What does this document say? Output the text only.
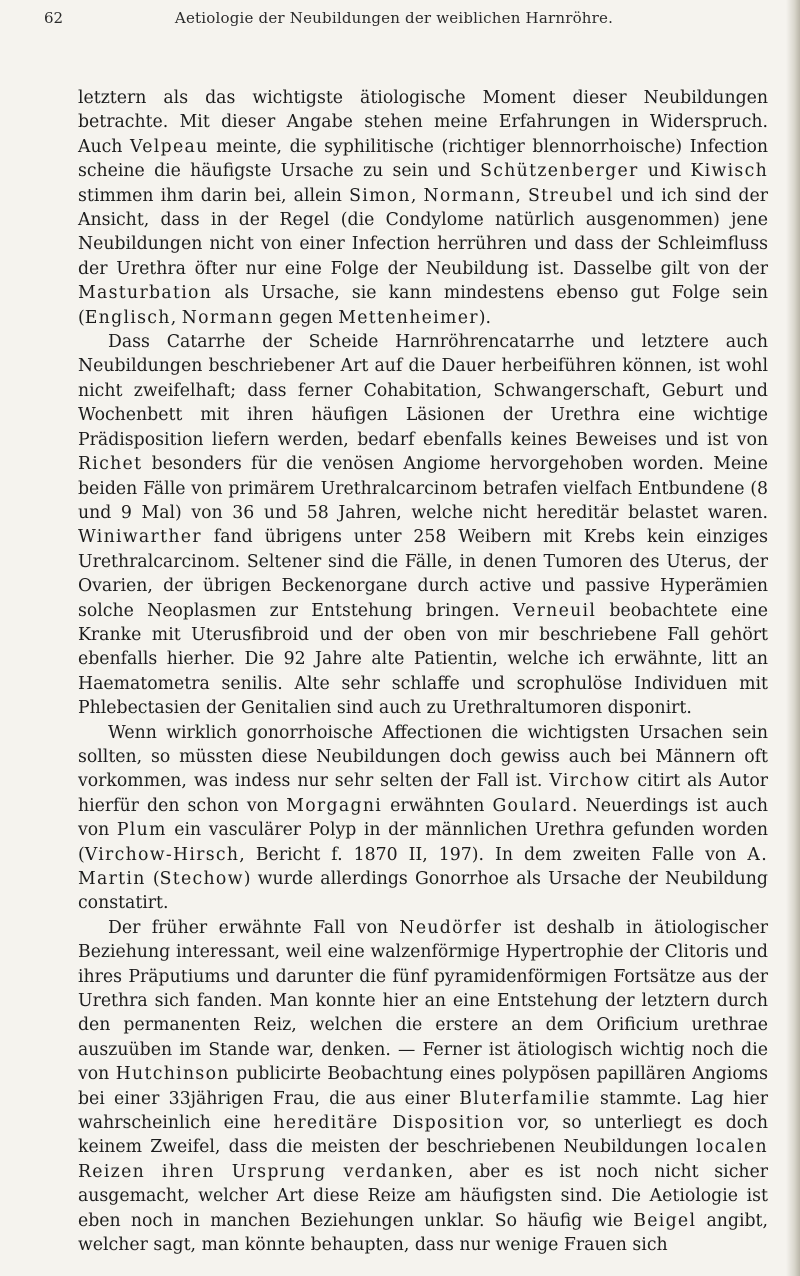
62	Aetiologie der Neubildungen der weiblichen Harnröhre.

letztern als das wichtigste ätiologische Moment dieser Neubildungen betrachte. Mit dieser Angabe stehen meine Erfahrungen in Widerspruch. Auch Velpeau meinte, die syphilitische (richtiger blennorrhoische) Infection scheine die häufigste Ursache zu sein und Schützenberger und Kiwisch stimmen ihm darin bei, allein Simon, Normann, Streubel und ich sind der Ansicht, dass in der Regel (die Condylome natürlich ausgenommen) jene Neubildungen nicht von einer Infection herrühren und dass der Schleimfluss der Urethra öfter nur eine Folge der Neubildung ist. Dasselbe gilt von der Masturbation als Ursache, sie kann mindestens ebenso gut Folge sein (Englisch, Normann gegen Mettenheimer).

Dass Catarrhe der Scheide Harnröhrencatarrhe und letztere auch Neubildungen beschriebener Art auf die Dauer herbeiführen können, ist wohl nicht zweifelhaft; dass ferner Cohabitation, Schwangerschaft, Geburt und Wochenbett mit ihren häufigen Läsionen der Urethra eine wichtige Prädisposition liefern werden, bedarf ebenfalls keines Beweises und ist von Richet besonders für die venösen Angiome hervorgehoben worden. Meine beiden Fälle von primärem Urethralcarcinom betrafen vielfach Entbundene (8 und 9 Mal) von 36 und 58 Jahren, welche nicht hereditär belastet waren. Winiwarther fand übrigens unter 258 Weibern mit Krebs kein einziges Urethralcarcinom. Seltener sind die Fälle, in denen Tumoren des Uterus, der Ovarien, der übrigen Beckenorgane durch active und passive Hyperämien solche Neoplasmen zur Entstehung bringen. Verneuil beobachtete eine Kranke mit Uterusfibroid und der oben von mir beschriebene Fall gehört ebenfalls hierher. Die 92 Jahre alte Patientin, welche ich erwähnte, litt an Haematometra senilis. Alte sehr schlaffe und scrophulöse Individuen mit Phlebectasien der Genitalien sind auch zu Urethraltumoren disponirt.

Wenn wirklich gonorrhoische Affectionen die wichtigsten Ursachen sein sollten, so müssten diese Neubildungen doch gewiss auch bei Männern oft vorkommen, was indess nur sehr selten der Fall ist. Virchow citirt als Autor hierfür den schon von Morgagni erwähnten Goulard. Neuerdings ist auch von Plum ein vasculärer Polyp in der männlichen Urethra gefunden worden (Virchow-Hirsch, Bericht f. 1870 II, 197). In dem zweiten Falle von A. Martin (Stechow) wurde allerdings Gonorrhoe als Ursache der Neubildung constatirt.

Der früher erwähnte Fall von Neudörfer ist deshalb in ätiologischer Beziehung interessant, weil eine walzenförmige Hypertrophie der Clitoris und ihres Präputiums und darunter die fünf pyramidenförmigen Fortsätze aus der Urethra sich fanden. Man konnte hier an eine Entstehung der letztern durch den permanenten Reiz, welchen die erstere an dem Orificium urethrae auszuüben im Stande war, denken. — Ferner ist ätiologisch wichtig noch die von Hutchinson publicirte Beobachtung eines polypösen papillären Angioms bei einer 33jährigen Frau, die aus einer Bluterfamilie stammte. Lag hier wahrscheinlich eine hereditäre Disposition vor, so unterliegt es doch keinem Zweifel, dass die meisten der beschriebenen Neubildungen localen Reizen ihren Ursprung verdanken, aber es ist noch nicht sicher ausgemacht, welcher Art diese Reize am häufigsten sind. Die Aetiologie ist eben noch in manchen Beziehungen unklar. So häufig wie Beigel angibt, welcher sagt, man könnte behaupten, dass nur wenige Frauen sich
